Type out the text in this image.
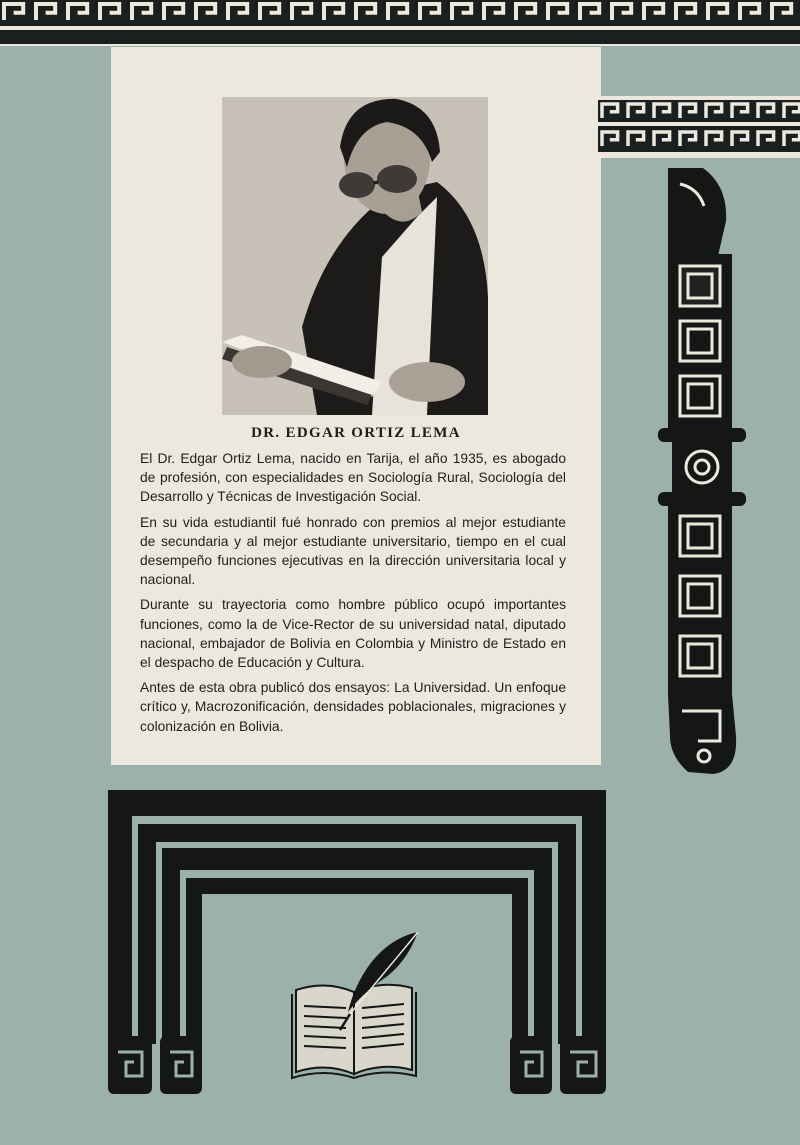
DR. EDGAR ORTIZ LEMA

El Dr. Edgar Ortiz Lema, nacido en Tarija, el año 1935, es abogado de profesión, con especialidades en Sociología Rural, Sociología del Desarrollo y Técnicas de Investigación Social.

En su vida estudiantil fué honrado con premios al mejor estudiante de secundaria y al mejor estudiante universitario, tiempo en el cual desempeño funciones ejecutivas en la dirección universitaria local y nacional.

Durante su trayectoria como hombre público ocupó importantes funciones, como la de Vice-Rector de su universidad natal, diputado nacional, embajador de Bolivia en Colombia y Ministro de Estado en el despacho de Educación y Cultura.

Antes de esta obra publicó dos ensayos: La Universidad. Un enfoque crítico y, Macrozonificación, densidades poblacionales, migraciones y colonización en Bolivia.
